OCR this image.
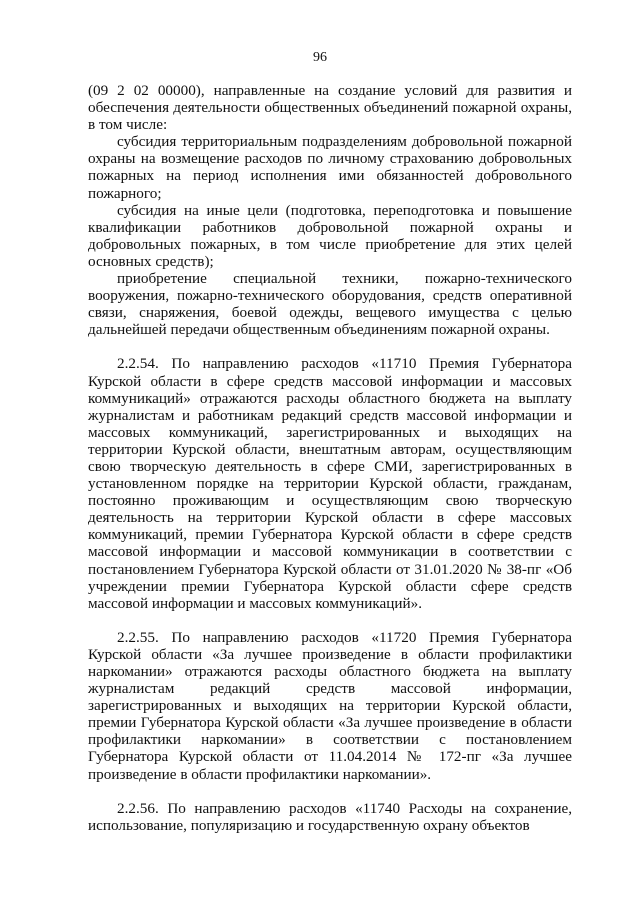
96

(09 2 02 00000), направленные на создание условий для развития и обеспечения деятельности общественных объединений пожарной охраны, в том числе:

субсидия территориальным подразделениям добровольной пожарной охраны на возмещение расходов по личному страхованию добровольных пожарных на период исполнения ими обязанностей добровольного пожарного;

субсидия на иные цели (подготовка, переподготовка и повышение квалификации работников добровольной пожарной охраны и добровольных пожарных, в том числе приобретение для этих целей основных средств);

приобретение специальной техники, пожарно-технического вооружения, пожарно-технического оборудования, средств оперативной связи, снаряжения, боевой одежды, вещевого имущества с целью дальнейшей передачи общественным объединениям пожарной охраны.

2.2.54. По направлению расходов «11710 Премия Губернатора Курской области в сфере средств массовой информации и массовых коммуникаций» отражаются расходы областного бюджета на выплату журналистам и работникам редакций средств массовой информации и массовых коммуникаций, зарегистрированных и выходящих на территории Курской области, внештатным авторам, осуществляющим свою творческую деятельность в сфере СМИ, зарегистрированных в установленном порядке на территории Курской области, гражданам, постоянно проживающим и осуществляющим свою творческую деятельность на территории Курской области в сфере массовых коммуникаций, премии Губернатора Курской области в сфере средств массовой информации и массовой коммуникации в соответствии с постановлением Губернатора Курской области от 31.01.2020 № 38-пг «Об учреждении премии Губернатора Курской области сфере средств массовой информации и массовых коммуникаций».

2.2.55. По направлению расходов «11720 Премия Губернатора Курской области «За лучшее произведение в области профилактики наркомании» отражаются расходы областного бюджета на выплату журналистам редакций средств массовой информации, зарегистрированных и выходящих на территории Курской области, премии Губернатора Курской области «За лучшее произведение в области профилактики наркомании» в соответствии с постановлением Губернатора Курской области от 11.04.2014 № 172-пг «За лучшее произведение в области профилактики наркомании».

2.2.56. По направлению расходов «11740 Расходы на сохранение, использование, популяризацию и государственную охрану объектов
